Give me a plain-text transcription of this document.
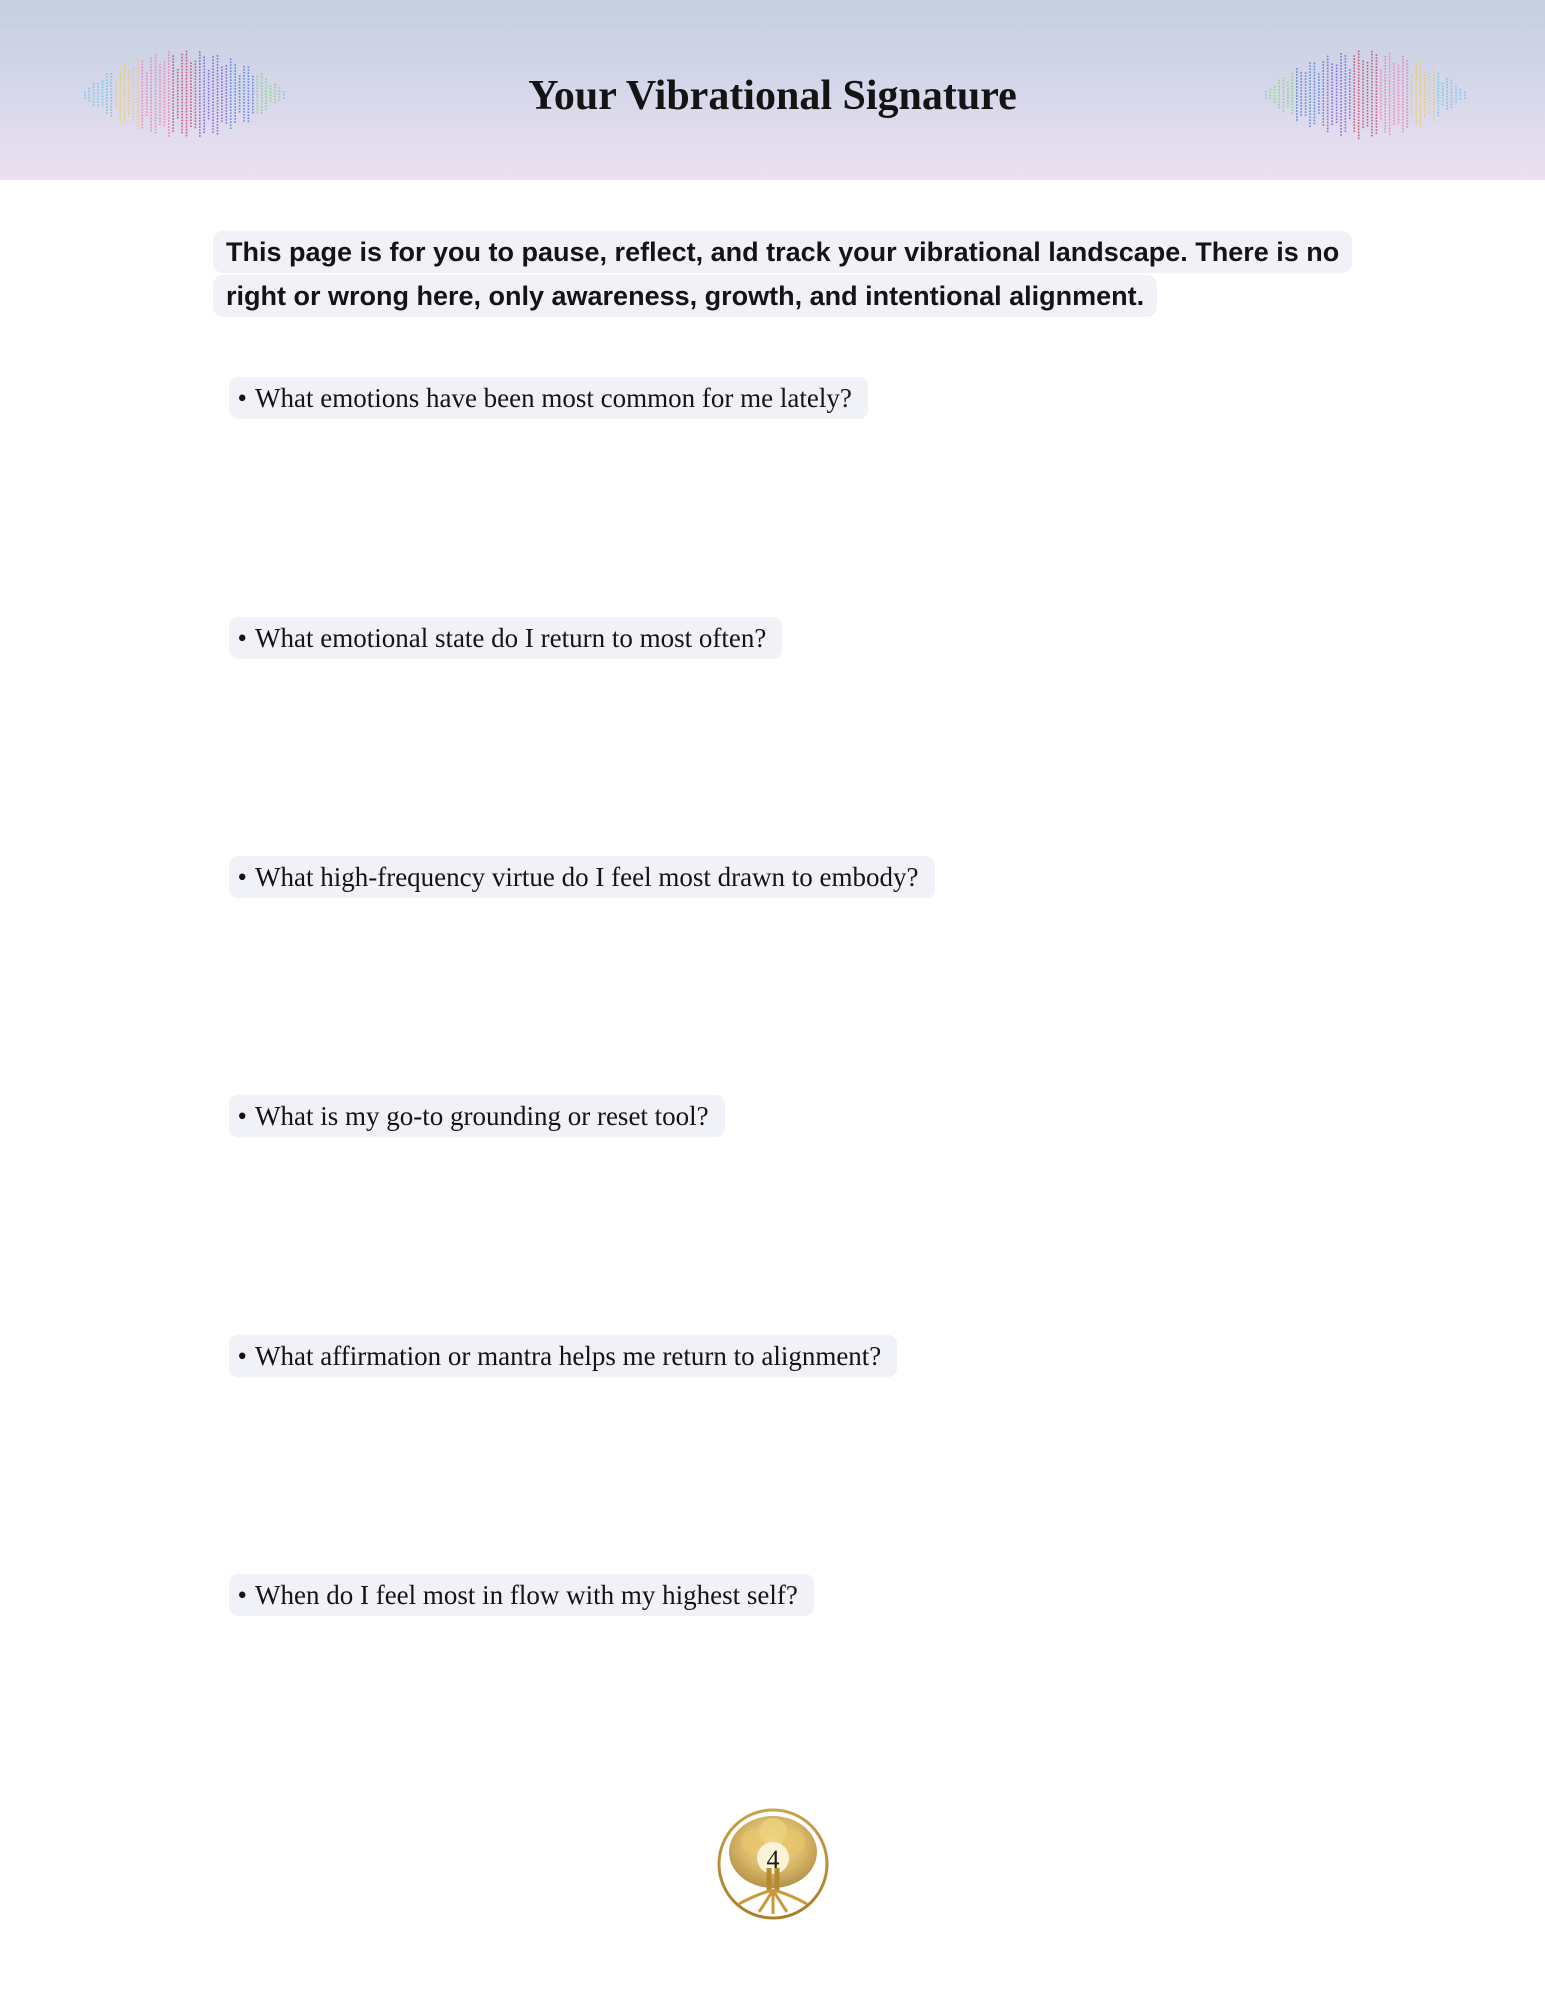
Your Vibrational Signature
This page is for you to pause, reflect, and track your vibrational landscape. There is no right or wrong here, only awareness, growth, and intentional alignment.
• What emotions have been most common for me lately?
• What emotional state do I return to most often?
• What high-frequency virtue do I feel most drawn to embody?
• What is my go-to grounding or reset tool?
• What affirmation or mantra helps me return to alignment?
• When do I feel most in flow with my highest self?
4
